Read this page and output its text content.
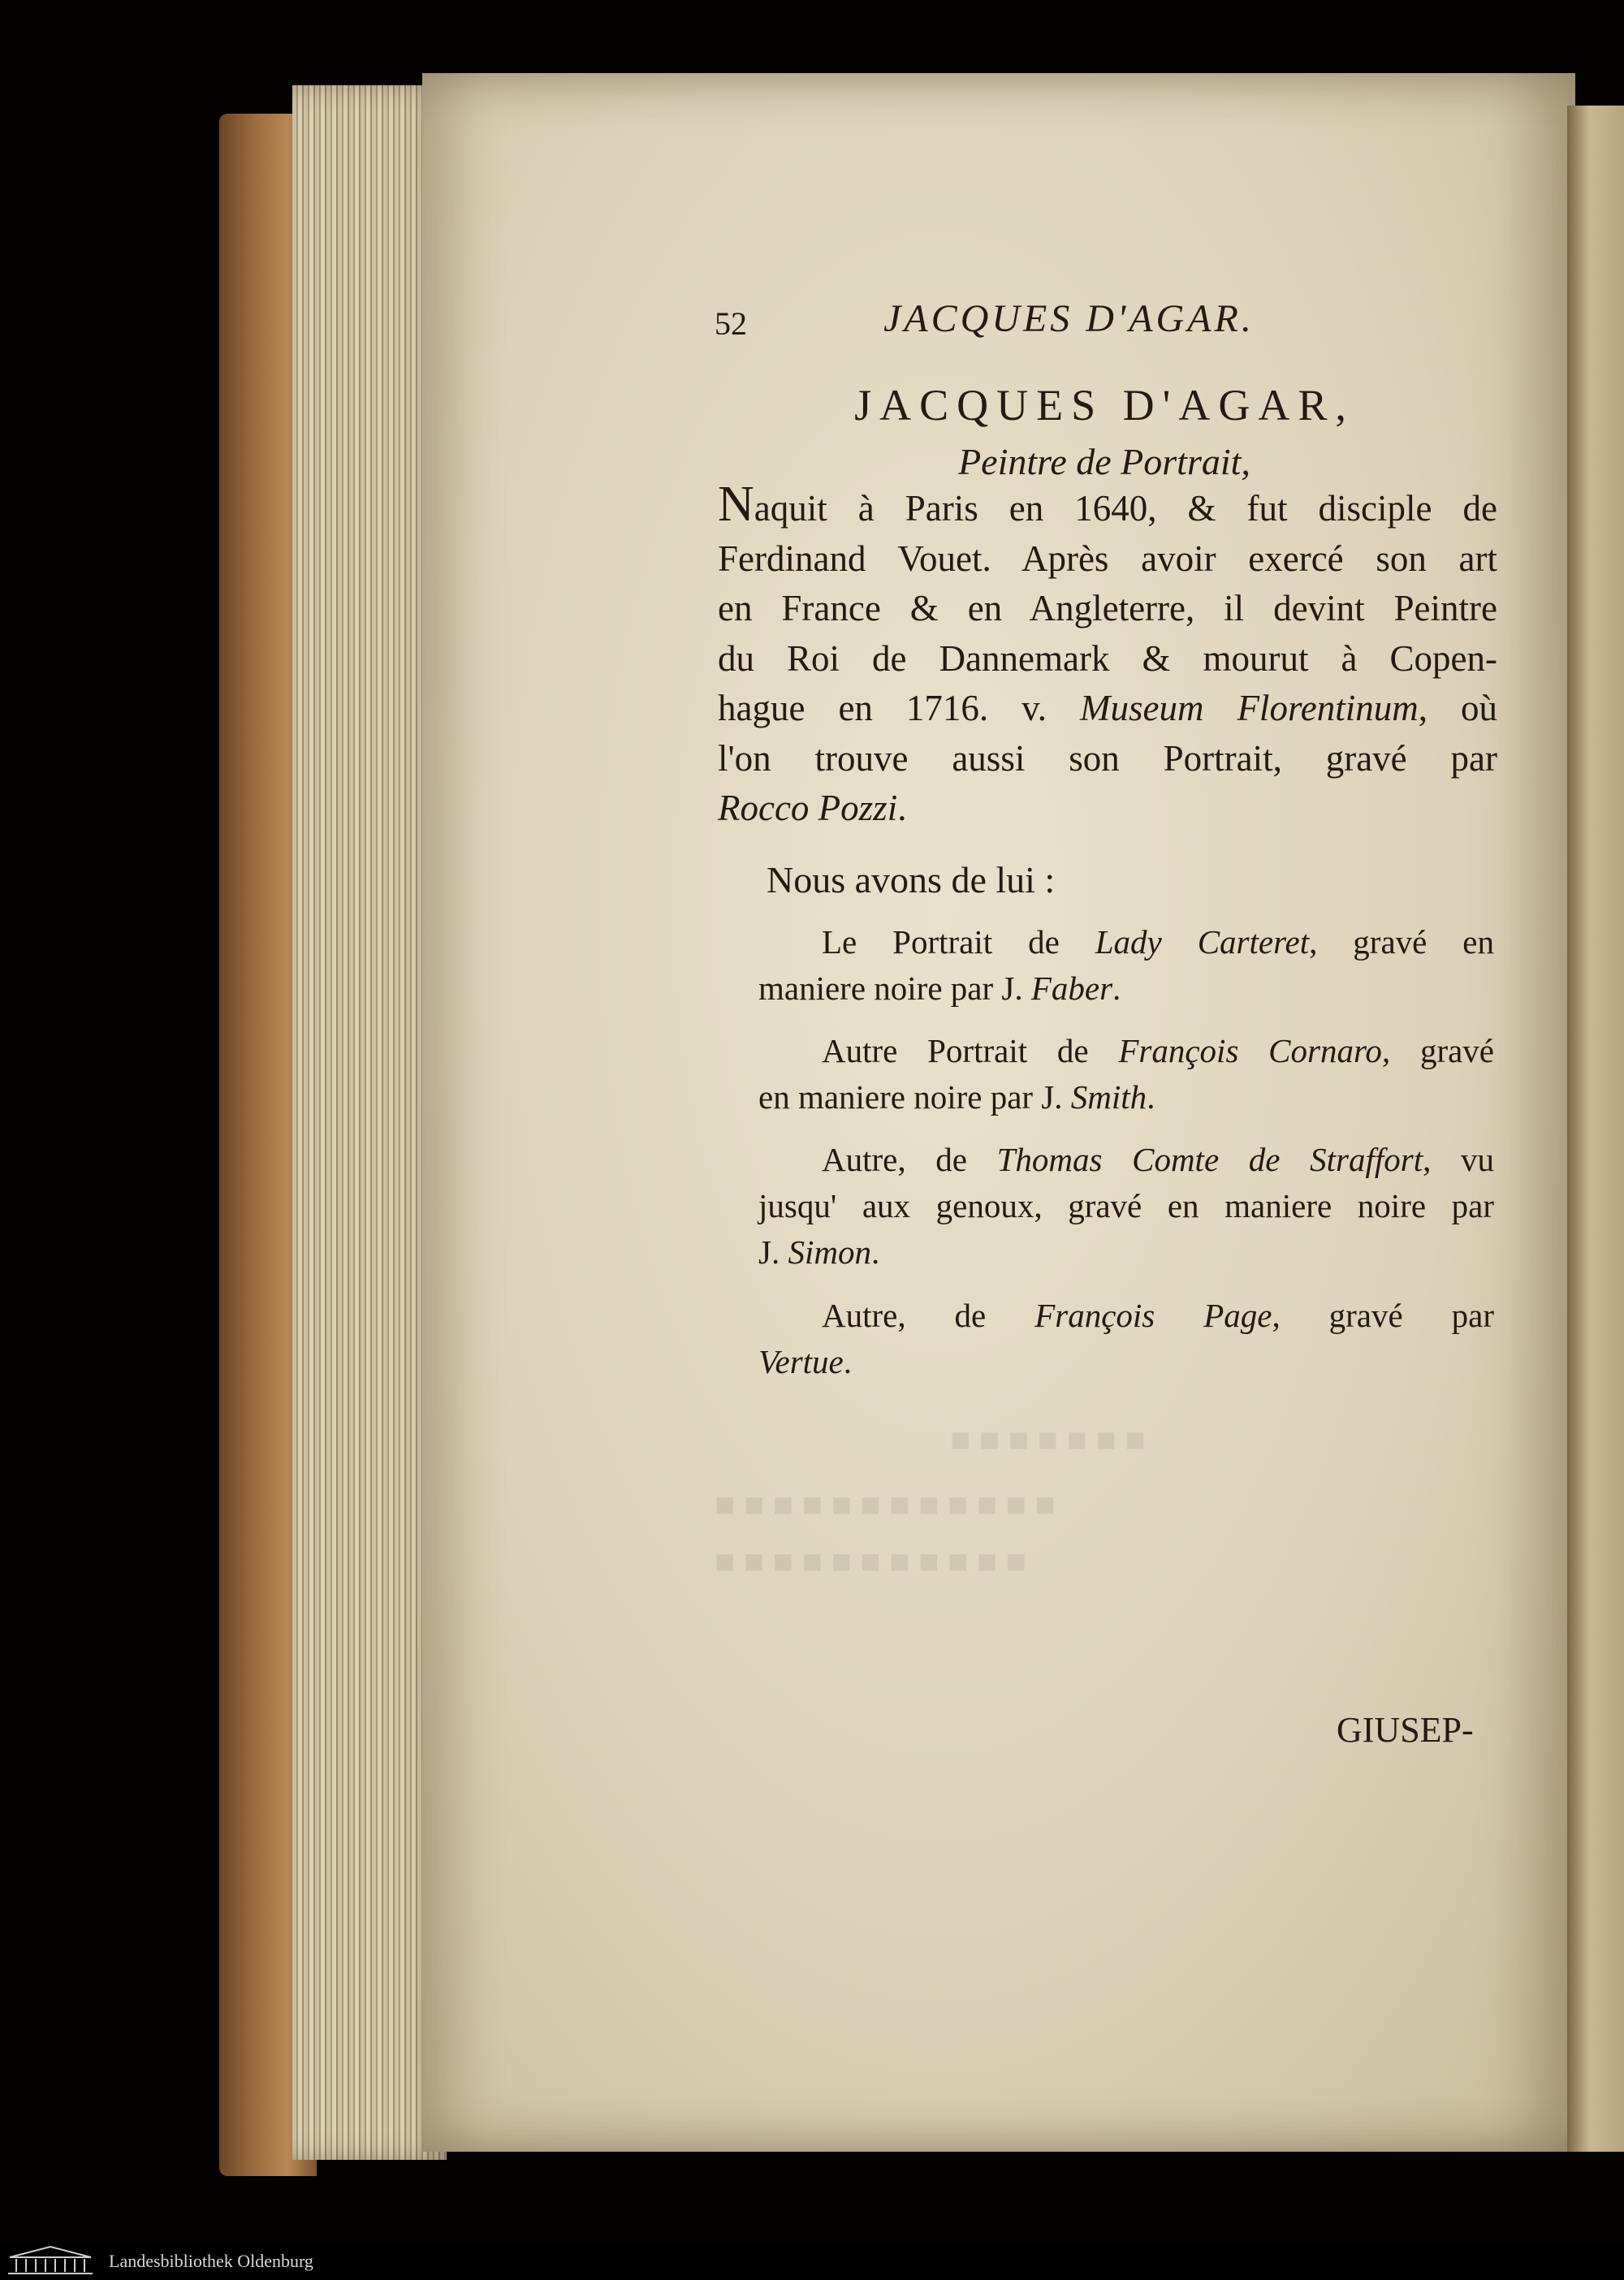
■ ■ ■ ■ ■ ■ ■
■ ■ ■ ■ ■ ■ ■ ■ ■ ■ ■ ■
■ ■ ■ ■ ■ ■ ■ ■ ■ ■ ■
52	JACQUES D'AGAR.
JACQUES D'AGAR,
Peintre de Portrait,
Naquit à Paris en 1640, & fut disciple de
Ferdinand Vouet. Après avoir exercé son art
en France & en Angleterre, il devint Peintre
du Roi de Dannemark & mourut à Copen-
hague en 1716. v. Museum Florentinum, où
l'on trouve aussi son Portrait, gravé par
Rocco Pozzi.
Nous avons de lui :
Le Portrait de Lady Carteret, gravé en
maniere noire par J. Faber.
Autre Portrait de François Cornaro, gravé
en maniere noire par J. Smith.
Autre, de Thomas Comte de Straffort, vu
jusqu' aux genoux, gravé en maniere noire par
J. Simon.
Autre, de François Page, gravé par
Vertue.
GIUSEP-
Landesbibliothek Oldenburg
